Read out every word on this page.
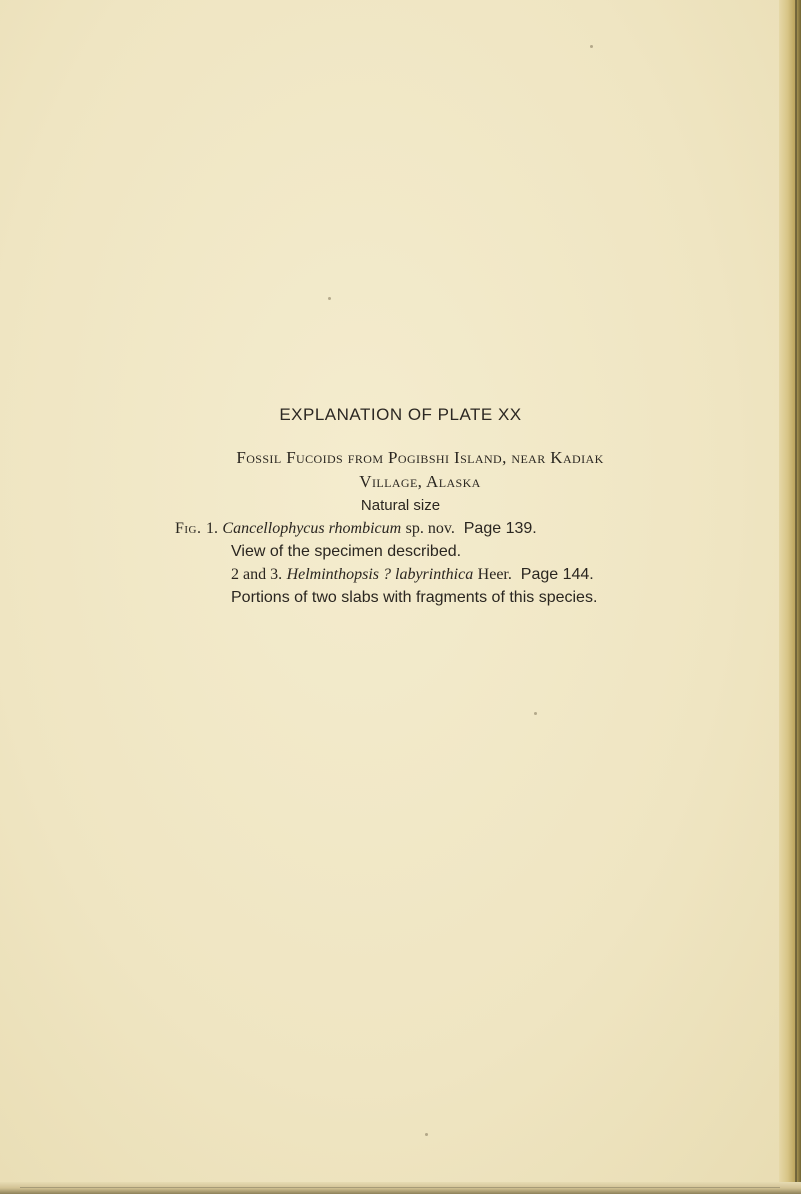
EXPLANATION OF PLATE XX
Fossil Fucoids from Pogibshi Island, near Kadiak
Village, Alaska
Natural size
Fig. 1. Cancellophycus rhombicum sp. nov. Page 139.
View of the specimen described.
2 and 3. Helminthopsis ? labyrinthica Heer. Page 144.
Portions of two slabs with fragments of this species.
